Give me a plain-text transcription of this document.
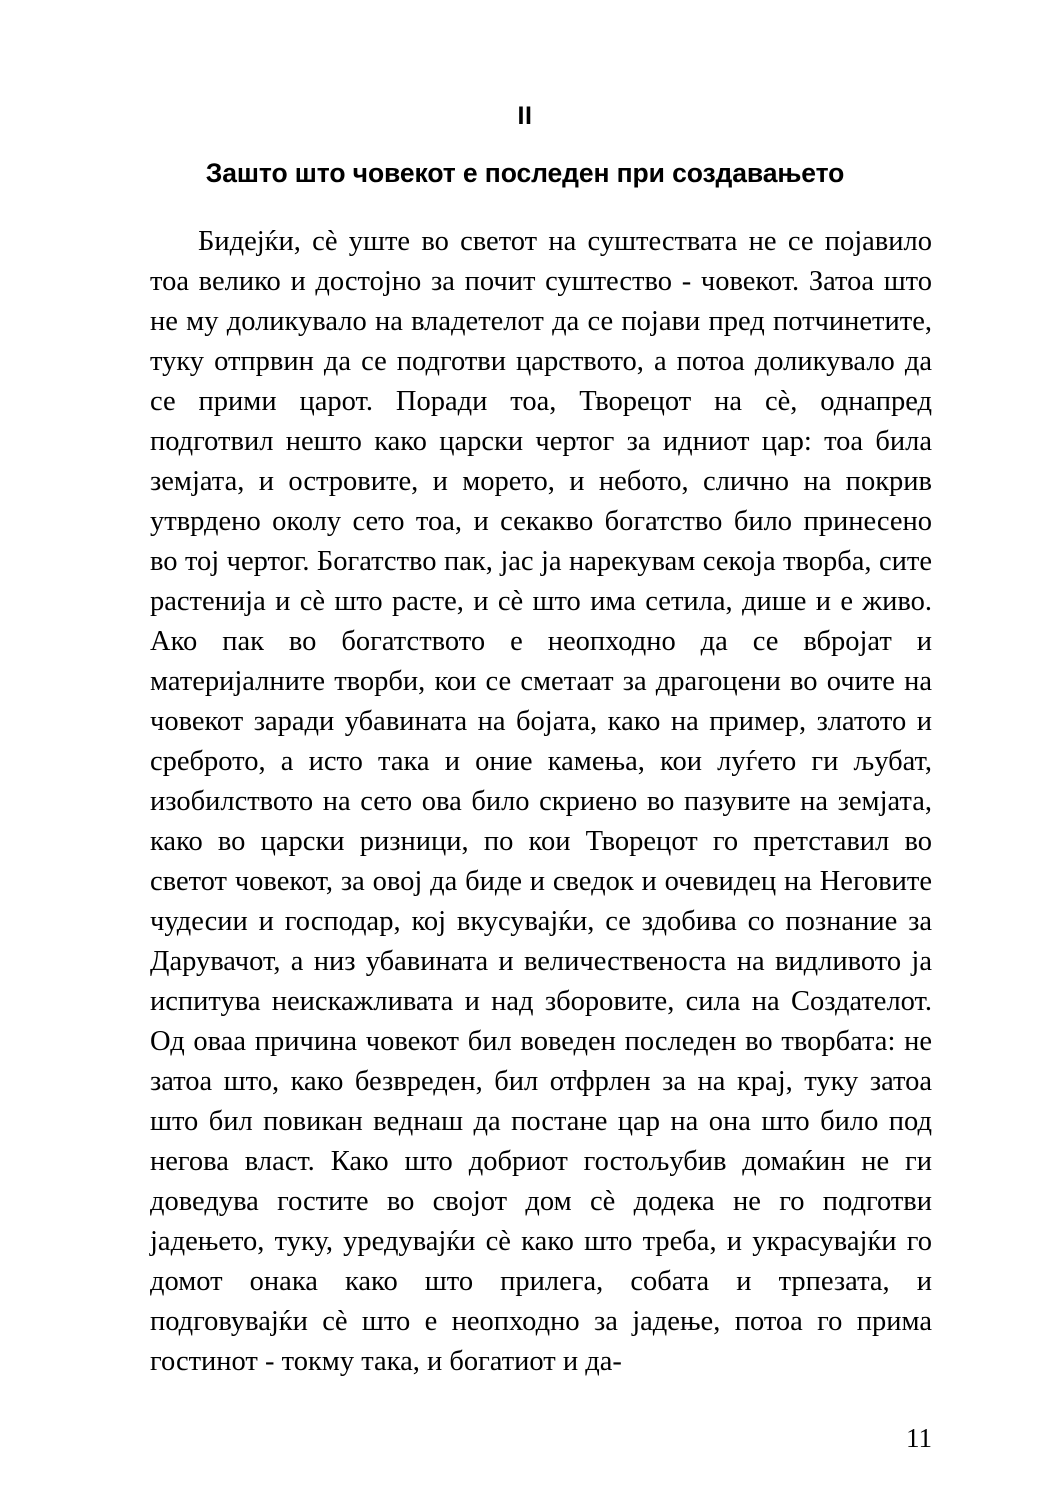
II
Зашто што човекот е последен при создавањето

Бидејќи, сѐ уште во светот на суштествата не се појавило тоа велико и достојно за почит суштество - човекот. Затоа што не му доликувало на владетелот да се појави пред потчинетите, туку отпрвин да се подготви царството, а потоа доликувало да се прими царот. Поради тоа, Творецот на сѐ, однапред подготвил нешто како царски чертог за идниот цар: тоа била земјата, и островите, и морето, и небото, слично на покрив утврдено околу сето тоа, и секакво богатство било принесено во тој чертог. Богатство пак, јас ја нарекувам секоја творба, сите растенија и сѐ што расте, и сѐ што има сетила, дише и е живо. Ако пак во богатството е неопходно да се вбројат и материјалните творби, кои се сметаат за драгоцени во очите на човекот заради убавината на бојата, како на пример, златото и среброто, а исто така и оние камења, кои луѓето ги љубат, изобилството на сето ова било скриено во пазувите на земјата, како во царски ризници, по кои Творецот го претставил во светот човекот, за овој да биде и сведок и очевидец на Неговите чудесии и господар, кој вкусувајќи, се здобива со познание за Дарувачот, а низ убавината и величественоста на видливото ја испитува неискажливата и над зборовите, сила на Создателот. Од оваа причина човекот бил воведен последен во творбата: не затоа што, како безвреден, бил отфрлен за на крај, туку затоа што бил повикан веднаш да постане цар на она што било под негова власт. Како што добриот гостољубив домаќин не ги доведува гостите во својот дом сѐ додека не го подготви јадењето, туку, уредувајќи сѐ како што треба, и украсувајќи го домот онака како што прилега, собата и трпезата, и подговувајќи сѐ што е неопходно за јадење, потоа го прима гостинот - токму така, и богатиот и да-

11
